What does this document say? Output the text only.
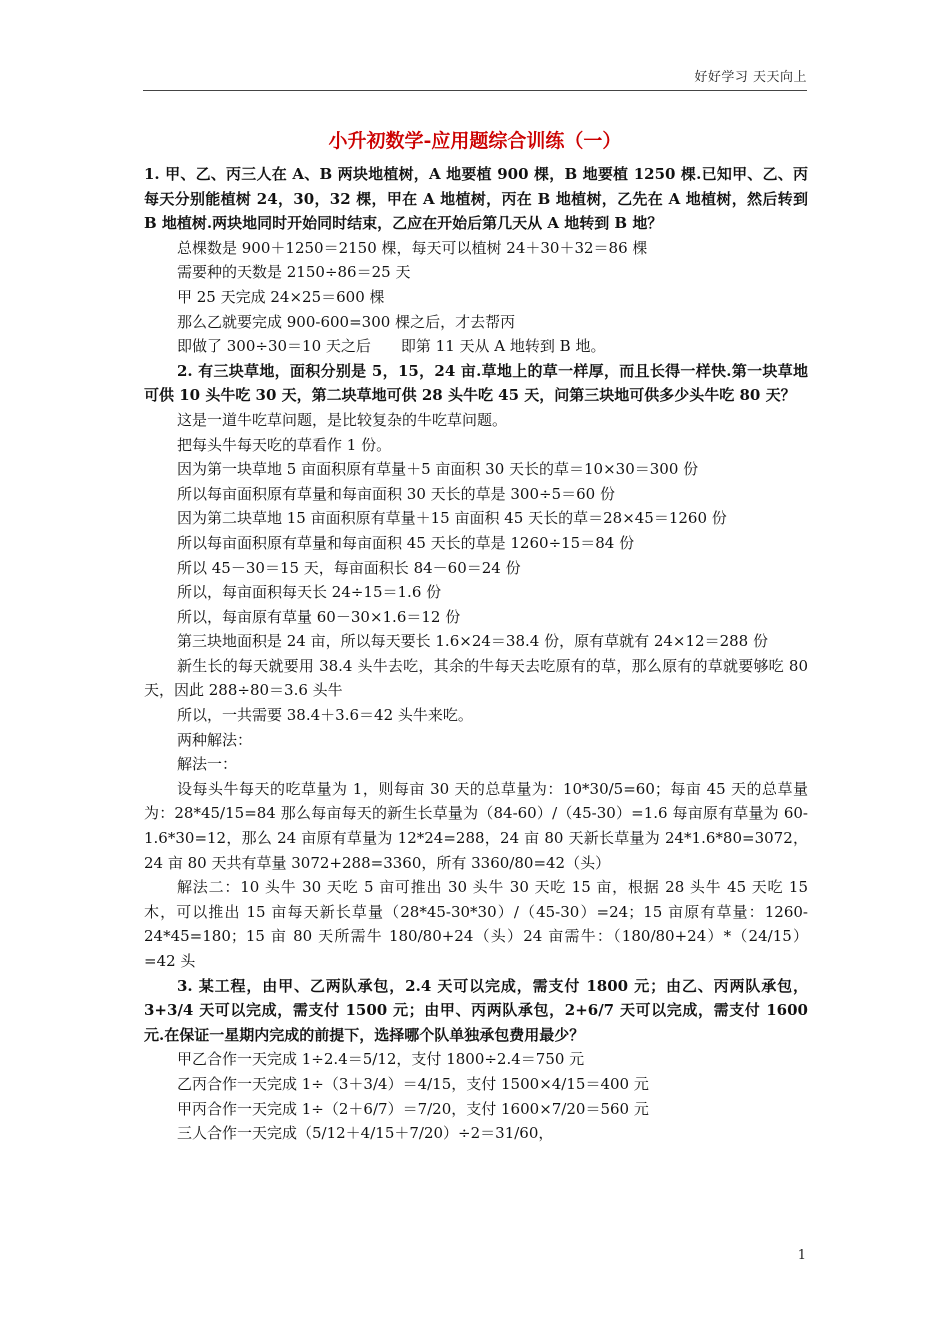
好好学习 天天向上
小升初数学-应用题综合训练（一）

1. 甲、乙、丙三人在 A、B 两块地植树，A 地要植 900 棵，B 地要植 1250 棵.已知甲、乙、丙每天分别能植树 24，30，32 棵，甲在 A 地植树，丙在 B 地植树，乙先在 A 地植树，然后转到 B 地植树.两块地同时开始同时结束，乙应在开始后第几天从 A 地转到 B 地？

总棵数是 900＋1250＝2150 棵，每天可以植树 24＋30＋32＝86 棵

需要种的天数是 2150÷86＝25 天

甲 25 天完成 24×25＝600 棵

那么乙就要完成 900-600=300 棵之后，才去帮丙

即做了 300÷30＝10 天之后　　即第 11 天从 A 地转到 B 地。

2. 有三块草地，面积分别是 5，15，24 亩.草地上的草一样厚，而且长得一样快.第一块草地可供 10 头牛吃 30 天，第二块草地可供 28 头牛吃 45 天，问第三块地可供多少头牛吃 80 天？

这是一道牛吃草问题，是比较复杂的牛吃草问题。

把每头牛每天吃的草看作 1 份。

因为第一块草地 5 亩面积原有草量＋5 亩面积 30 天长的草＝10×30＝300 份

所以每亩面积原有草量和每亩面积 30 天长的草是 300÷5＝60 份

因为第二块草地 15 亩面积原有草量＋15 亩面积 45 天长的草＝28×45＝1260 份

所以每亩面积原有草量和每亩面积 45 天长的草是 1260÷15＝84 份

所以 45－30＝15 天，每亩面积长 84－60＝24 份

所以，每亩面积每天长 24÷15＝1.6 份

所以，每亩原有草量 60－30×1.6＝12 份

第三块地面积是 24 亩，所以每天要长 1.6×24＝38.4 份，原有草就有 24×12＝288 份

新生长的每天就要用 38.4 头牛去吃，其余的牛每天去吃原有的草，那么原有的草就要够吃 80 天，因此 288÷80＝3.6 头牛

所以，一共需要 38.4＋3.6＝42 头牛来吃。

两种解法：

解法一：

设每头牛每天的吃草量为 1，则每亩 30 天的总草量为：10*30/5=60；每亩 45 天的总草量为：28*45/15=84 那么每亩每天的新生长草量为（84-60）/（45-30）=1.6 每亩原有草量为 60-1.6*30=12，那么 24 亩原有草量为 12*24=288，24 亩 80 天新长草量为 24*1.6*80=3072，24 亩 80 天共有草量 3072+288=3360，所有 3360/80=42（头）

解法二：10 头牛 30 天吃 5 亩可推出 30 头牛 30 天吃 15 亩，根据 28 头牛 45 天吃 15 木，可以推出 15 亩每天新长草量（28*45-30*30）/（45-30）=24；15 亩原有草量：1260-24*45=180；15 亩 80 天所需牛 180/80+24（头）24 亩需牛：（180/80+24）*（24/15）=42 头

3. 某工程，由甲、乙两队承包，2.4 天可以完成，需支付 1800 元；由乙、丙两队承包，3+3/4 天可以完成，需支付 1500 元；由甲、丙两队承包，2+6/7 天可以完成，需支付 1600 元.在保证一星期内完成的前提下，选择哪个队单独承包费用最少？

甲乙合作一天完成 1÷2.4＝5/12，支付 1800÷2.4＝750 元

乙丙合作一天完成 1÷（3＋3/4）＝4/15，支付 1500×4/15＝400 元

甲丙合作一天完成 1÷（2＋6/7）＝7/20，支付 1600×7/20＝560 元

三人合作一天完成（5/12＋4/15＋7/20）÷2＝31/60，

1
